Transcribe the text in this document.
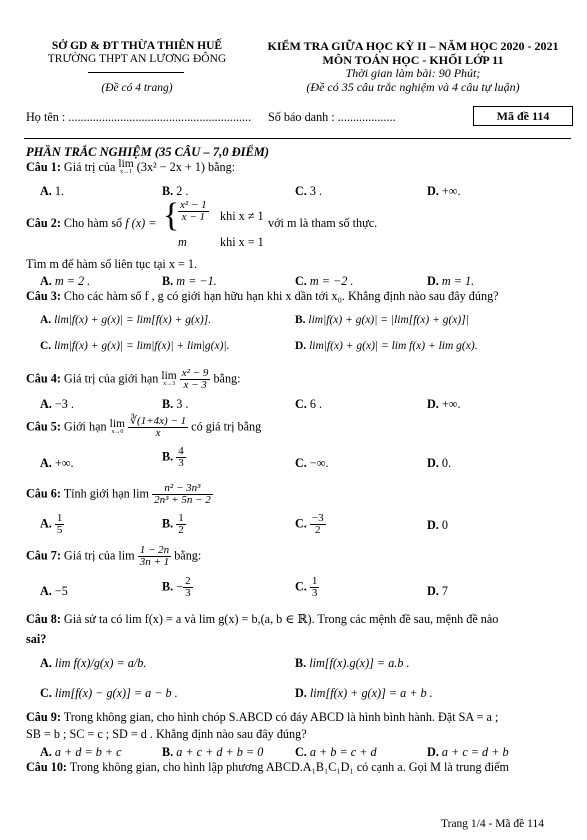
SỞ GD & ĐT THỪA THIÊN HUẾ
TRƯỜNG THPT AN LƯƠNG ĐÔNG
(Đề có 4 trang)
KIỂM TRA GIỮA HỌC KỲ II – NĂM HỌC 2020 - 2021
MÔN TOÁN HỌC - KHỐI LỚP 11
Thời gian làm bài: 90 Phút;
(Đề có 35 câu trắc nghiệm và 4 câu tự luận)
Họ tên : ............................................................ Số báo danh : ...................	Mã đề 114
PHẦN TRẮC NGHIỆM (35 CÂU – 7,0 ĐIỂM)
Câu 1: Giá trị của lim
x→1 (3x² − 2x + 1) bằng:
A. 1.	B. 2 .	C. 3 .	D. +∞.
Câu 2: Cho hàm số f (x) = {
$\frac{\text{x² − 1}}{x - 1}$ khi x ≠ 1
m	khi x = 1
với m là tham số thực.
Tìm m để hàm số liên tục tại x = 1.
A. m = 2 .	B. m = −1.	C. m = −2 .	D. m = 1.
Câu 3: Cho các hàm số f , g có giới hạn hữu hạn khi x dần tới x₀. Khẳng định nào sau đây đúng?
A. lim|f(x) + g(x)| = lim[f(x) + g(x)].	B. lim|f(x) + g(x)| = |lim[f(x) + g(x)]|
C. lim|f(x) + g(x)| = lim|f(x)| + lim|g(x)|.	D. lim|f(x) + g(x)| = lim f(x) + lim g(x).
Câu 4: Giá trị của giới hạn lim
x→3
$\frac{\text{x² − 9}}{x - 3}$ bằng:
A. −3 .	B. 3 .	C. 6 .	D. +∞.
Câu 5: Giới hạn lim
x→0
$\frac{∛(1+4x) - 1}{x}$ có giá trị bằng
A. +∞.	B. $\frac{4}{3}$	C. −∞.	D. 0.
Câu 6: Tính giới hạn $\lim \frac{\text{n² − 3n³}}{\text{2n³ + 5n − 2}}$
A. $\frac{1}{5}$	B. $\frac{1}{2}$	C. $\frac{-3}{2}$	D. 0
Câu 7: Giá trị của $\lim \frac{1 - 2n}{3n + 1}$ bằng:
A. −5	B. − $\frac{2}{3}$	C. $\frac{1}{3}$	D. 7
Câu 8: Giả sử ta có lim f(x) = a và lim g(x) = b,(a, b ∈ ℝ). Trong các mệnh đề sau, mệnh đề nào
sai?
A. lim f(x)/g(x) = a/b.	B. lim[f(x).g(x)] = a.b .
C. lim[f(x) − g(x)] = a − b .	D. lim[f(x) + g(x)] = a + b .
Câu 9: Trong không gian, cho hình chóp S.ABCD có đáy ABCD là hình bình hành. Đặt SA = a ;
SB = b ; SC = c ; SD = d . Khẳng định nào sau đây đúng?
A. a + d = b + c	B. a + c + d + b = 0	C. a + b = c + d	D. a + c = d + b
Câu 10: Trong không gian, cho hình lập phương ABCD.A₁B₁C₁D₁ có cạnh a. Gọi M là trung điểm
Trang 1/4 - Mã đề 114
